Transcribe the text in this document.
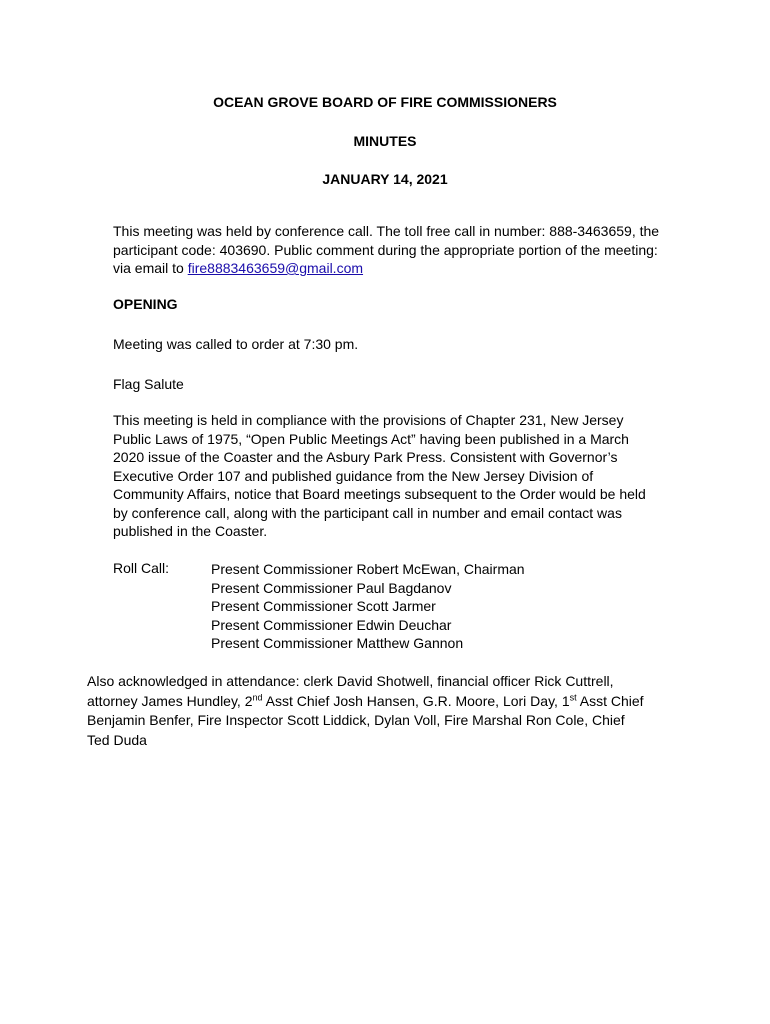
OCEAN GROVE BOARD OF FIRE COMMISSIONERS
MINUTES
JANUARY 14, 2021
This meeting was held by conference call. The toll free call in number: 888-3463659, the participant code: 403690. Public comment during the appropriate portion of the meeting: via email to fire8883463659@gmail.com
OPENING
Meeting was called to order at 7:30 pm.
Flag Salute
This meeting is held in compliance with the provisions of Chapter 231, New Jersey Public Laws of 1975, “Open Public Meetings Act” having been published in a March 2020 issue of the Coaster and the Asbury Park Press. Consistent with Governor’s Executive Order 107 and published guidance from the New Jersey Division of Community Affairs, notice that Board meetings subsequent to the Order would be held by conference call, along with the participant call in number and email contact was published in the Coaster.
Roll Call:	Present Commissioner Robert McEwan, Chairman
Present Commissioner Paul Bagdanov
Present Commissioner Scott Jarmer
Present Commissioner Edwin Deuchar
Present Commissioner Matthew Gannon
Also acknowledged in attendance: clerk David Shotwell, financial officer Rick Cuttrell, attorney James Hundley, 2nd Asst Chief Josh Hansen, G.R. Moore, Lori Day, 1st Asst Chief Benjamin Benfer, Fire Inspector Scott Liddick, Dylan Voll, Fire Marshal Ron Cole, Chief Ted Duda
